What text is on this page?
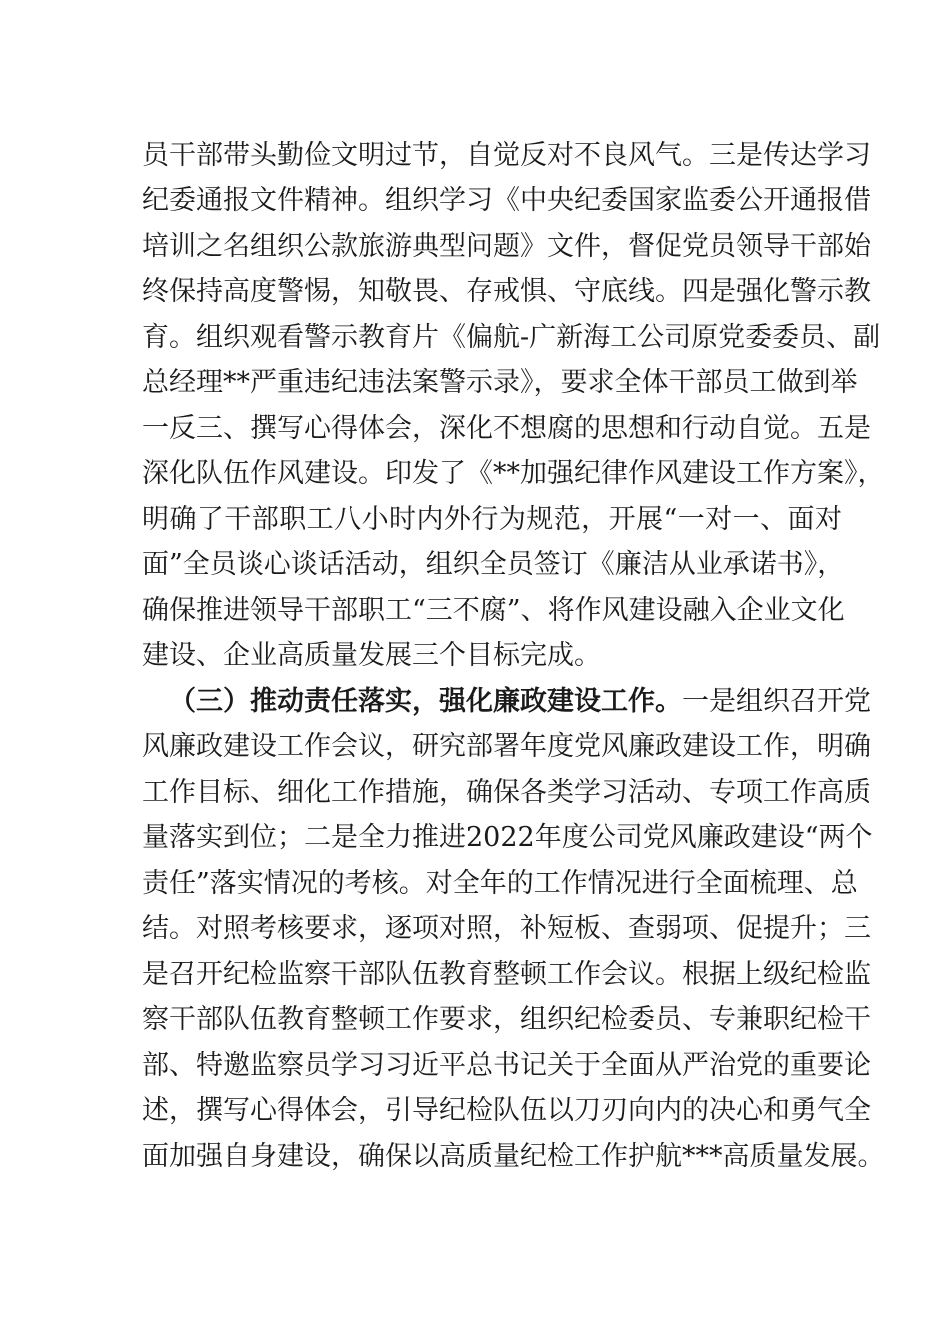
员干部带头勤俭文明过节，自觉反对不良风气。三是传达学习

纪委通报文件精神。组织学习《中央纪委国家监委公开通报借

培训之名组织公款旅游典型问题》文件，督促党员领导干部始

终保持高度警惕，知敬畏、存戒惧、守底线。四是强化警示教

育。组织观看警示教育片《偏航-广新海工公司原党委委员、副

总经理**严重违纪违法案警示录》，要求全体干部员工做到举

一反三、撰写心得体会，深化不想腐的思想和行动自觉。五是

深化队伍作风建设。印发了《**加强纪律作风建设工作方案》，

明确了干部职工八小时内外行为规范，开展“一对一、面对

面”全员谈心谈话活动，组织全员签订《廉洁从业承诺书》，

确保推进领导干部职工“三不腐”、将作风建设融入企业文化

建设、企业高质量发展三个目标完成。

（三）推动责任落实，强化廉政建设工作。一是组织召开党

风廉政建设工作会议，研究部署年度党风廉政建设工作，明确

工作目标、细化工作措施，确保各类学习活动、专项工作高质

量落实到位；二是全力推进2022年度公司党风廉政建设“两个

责任”落实情况的考核。对全年的工作情况进行全面梳理、总

结。对照考核要求，逐项对照，补短板、查弱项、促提升；三

是召开纪检监察干部队伍教育整顿工作会议。根据上级纪检监

察干部队伍教育整顿工作要求，组织纪检委员、专兼职纪检干

部、特邀监察员学习习近平总书记关于全面从严治党的重要论

述，撰写心得体会，引导纪检队伍以刀刃向内的决心和勇气全

面加强自身建设，确保以高质量纪检工作护航***高质量发展。
